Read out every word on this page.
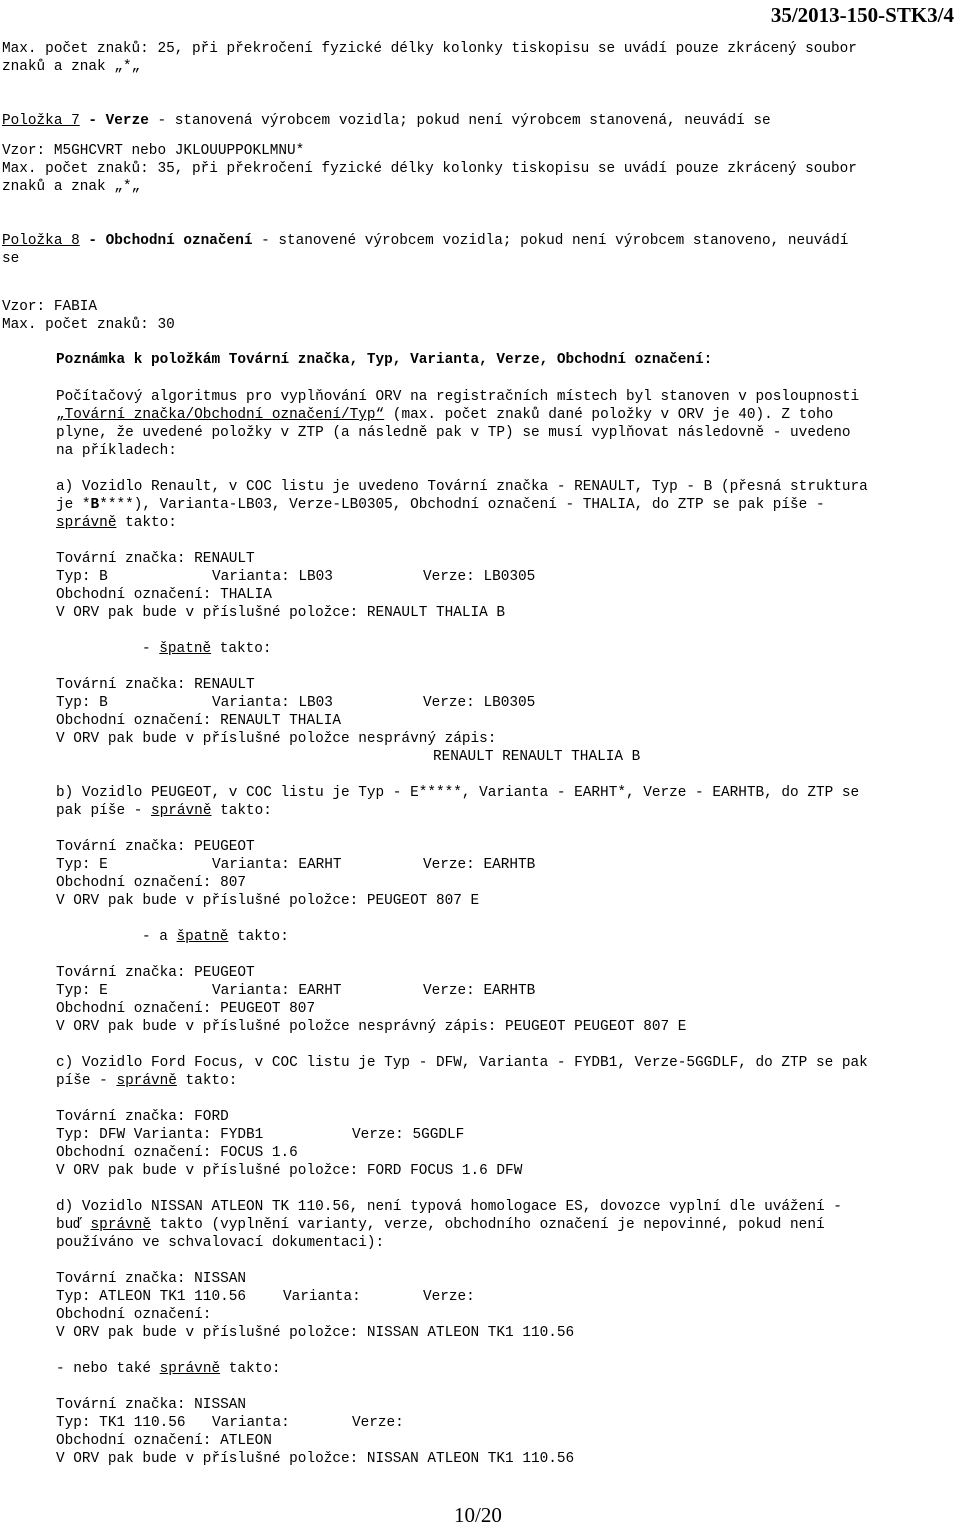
35/2013-150-STK3/4
Max. počet znaků: 25, při překročení fyzické délky kolonky tiskopisu se uvádí pouze zkrácený soubor
znaků a znak „*„
Položka 7 - Verze - stanovená výrobcem vozidla; pokud není výrobcem stanovená, neuvádí se
Vzor: M5GHCVRT nebo JKLOUUPPOKLMNU*
Max. počet znaků: 35, při překročení fyzické délky kolonky tiskopisu se uvádí pouze zkrácený soubor
znaků a znak „*„
Položka 8 - Obchodní označení - stanovené výrobcem vozidla; pokud není výrobcem stanoveno, neuvádí
se
Vzor: FABIA
Max. počet znaků: 30
Poznámka k položkám Tovární značka, Typ, Varianta, Verze, Obchodní označení:
Počítačový algoritmus pro vyplňování ORV na registračních místech byl stanoven v posloupnosti
„Tovární značka/Obchodní označení/Typ“ (max. počet znaků dané položky v ORV je 40). Z toho
plyne, že uvedené položky v ZTP (a následně pak v TP) se musí vyplňovat následovně - uvedeno
na příkladech:
a) Vozidlo Renault, v COC listu je uvedeno Tovární značka - RENAULT, Typ - B (přesná struktura
je *B****), Varianta-LB03, Verze-LB0305, Obchodní označení - THALIA, do ZTP se pak píše -
správně takto:
Tovární značka: RENAULT
Typ: B	Varianta: LB03	Verze: LB0305
Obchodní označení: THALIA
V ORV pak bude v příslušné položce: RENAULT THALIA B
- špatně takto:
Tovární značka: RENAULT
Typ: B	Varianta: LB03	Verze: LB0305
Obchodní označení: RENAULT THALIA
V ORV pak bude v příslušné položce nesprávný zápis:
RENAULT RENAULT THALIA B
b) Vozidlo PEUGEOT, v COC listu je Typ - E*****, Varianta - EARHT*, Verze - EARHTB, do ZTP se
pak píše - správně takto:
Tovární značka: PEUGEOT
Typ: E	Varianta: EARHT	Verze: EARHTB
Obchodní označení: 807
V ORV pak bude v příslušné položce: PEUGEOT 807 E
- a špatně takto:
Tovární značka: PEUGEOT
Typ: E	Varianta: EARHT	Verze: EARHTB
Obchodní označení: PEUGEOT 807
V ORV pak bude v příslušné položce nesprávný zápis: PEUGEOT PEUGEOT 807 E
c) Vozidlo Ford Focus, v COC listu je Typ - DFW, Varianta - FYDB1, Verze-5GGDLF, do ZTP se pak
píše - správně takto:
Tovární značka: FORD
Typ: DFW Varianta: FYDB1	Verze: 5GGDLF
Obchodní označení: FOCUS 1.6
V ORV pak bude v příslušné položce: FORD FOCUS 1.6 DFW
d) Vozidlo NISSAN ATLEON TK 110.56, není typová homologace ES, dovozce vyplní dle uvážení -
buď správně takto (vyplnění varianty, verze, obchodního označení je nepovinné, pokud není
používáno ve schvalovací dokumentaci):
Tovární značka: NISSAN
Typ: ATLEON TK1 110.56	Varianta:	Verze:
Obchodní označení:
V ORV pak bude v příslušné položce: NISSAN ATLEON TK1 110.56
- nebo také správně takto:
Tovární značka: NISSAN
Typ: TK1 110.56 Varianta:	Verze:
Obchodní označení: ATLEON
V ORV pak bude v příslušné položce: NISSAN ATLEON TK1 110.56
10/20
